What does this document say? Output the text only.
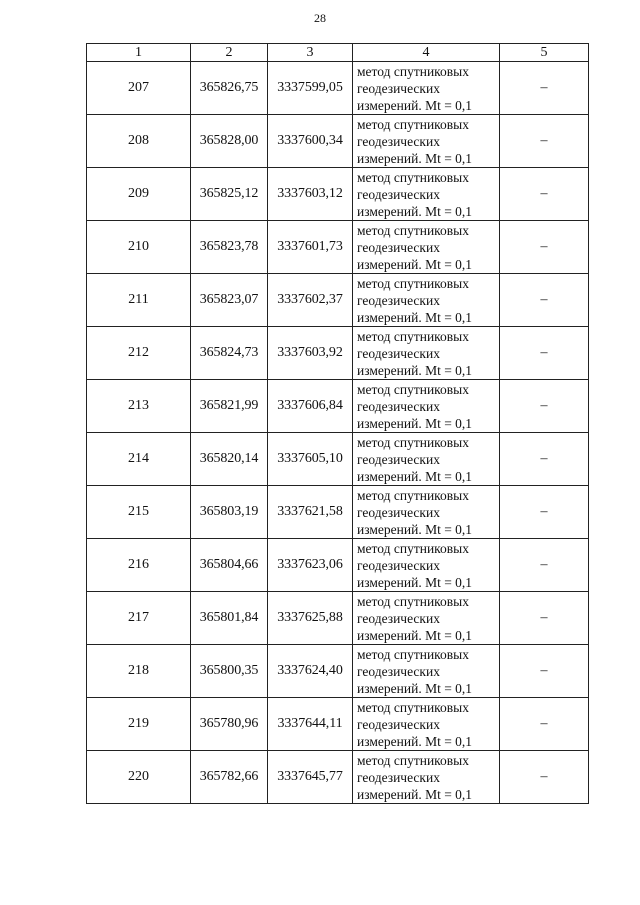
28
1	2	3	4	5
207	365826,75	3337599,05	метод спутниковых
геодезических
измерений. Mt = 0,1	–
208	365828,00	3337600,34	метод спутниковых
геодезических
измерений. Mt = 0,1	–
209	365825,12	3337603,12	метод спутниковых
геодезических
измерений. Mt = 0,1	–
210	365823,78	3337601,73	метод спутниковых
геодезических
измерений. Mt = 0,1	–
211	365823,07	3337602,37	метод спутниковых
геодезических
измерений. Mt = 0,1	–
212	365824,73	3337603,92	метод спутниковых
геодезических
измерений. Mt = 0,1	–
213	365821,99	3337606,84	метод спутниковых
геодезических
измерений. Mt = 0,1	–
214	365820,14	3337605,10	метод спутниковых
геодезических
измерений. Mt = 0,1	–
215	365803,19	3337621,58	метод спутниковых
геодезических
измерений. Mt = 0,1	–
216	365804,66	3337623,06	метод спутниковых
геодезических
измерений. Mt = 0,1	–
217	365801,84	3337625,88	метод спутниковых
геодезических
измерений. Mt = 0,1	–
218	365800,35	3337624,40	метод спутниковых
геодезических
измерений. Mt = 0,1	–
219	365780,96	3337644,11	метод спутниковых
геодезических
измерений. Mt = 0,1	–
220	365782,66	3337645,77	метод спутниковых
геодезических
измерений. Mt = 0,1	–
